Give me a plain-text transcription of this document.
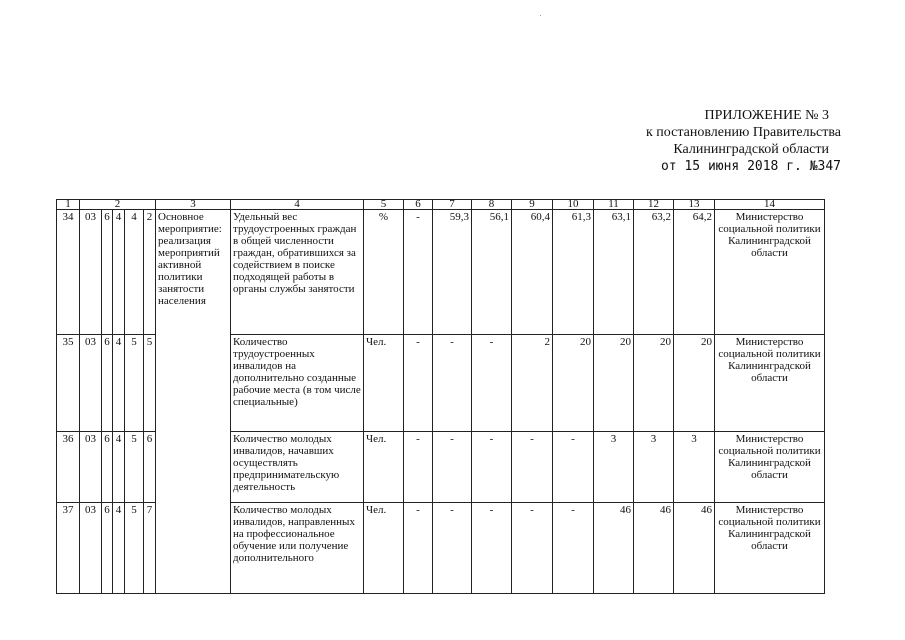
ПРИЛОЖЕНИЕ № 3
к постановлению Правительства
Калининградской области
от 15 июня 2018 г. №347
1	2					3	4	5	6	7	8	9	10	11	12	13	14
34	03	6	4	4	2	Основное мероприятие: реализация мероприятий активной политики занятости населения	Удельный вес трудоустроенных граждан в общей численности граждан, обратившихся за содействием в поиске подходящей работы в органы службы занятости	%	-	59,3	56,1	60,4	61,3	63,1	63,2	64,2	Министерство социальной политики Калининградской области
35	03	6	4	5	5		Количество трудоустроенных инвалидов на дополнительно созданные рабочие места (в том числе специальные)	Чел.	-	-	-	2	20	20	20	20	Министерство социальной политики Калининградской области
36	03	6	4	5	6		Количество молодых инвалидов, начавших осуществлять предпринимательскую деятельность	Чел.	-	-	-	-	-	3	3	3	Министерство социальной политики Калининградской области
37	03	6	4	5	7		Количество молодых инвалидов, направленных на профессиональное обучение или получение дополнительного	Чел.	-	-	-	-	-	46	46	46	Министерство социальной политики Калининградской области
